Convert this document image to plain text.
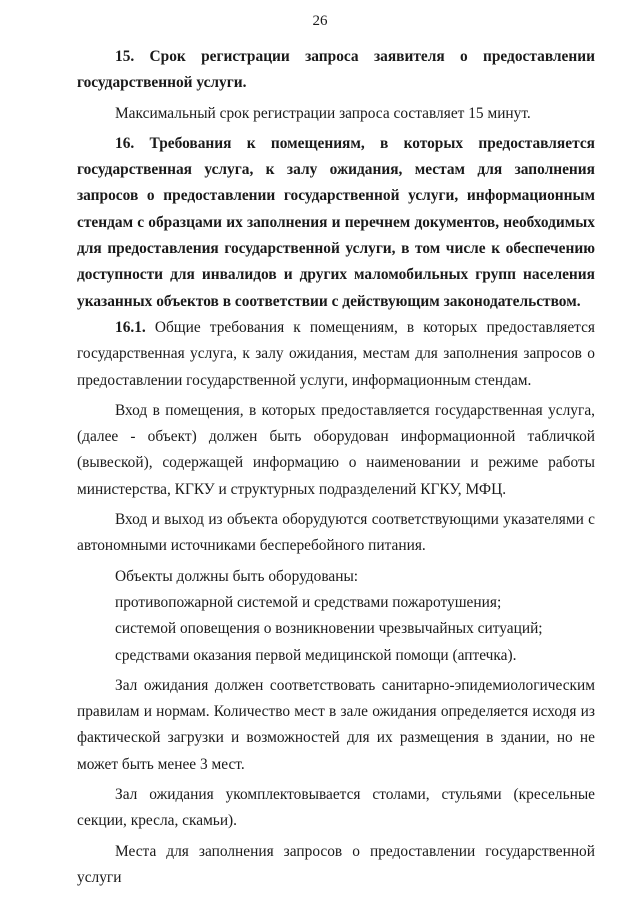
26

15. Срок регистрации запроса заявителя о предоставлении государственной услуги.

Максимальный срок регистрации запроса составляет 15 минут.

16. Требования к помещениям, в которых предоставляется государственная услуга, к залу ожидания, местам для заполнения запросов о предоставлении государственной услуги, информационным стендам с образцами их заполнения и перечнем документов, необходимых для предоставления государственной услуги, в том числе к обеспечению доступности для инвалидов и других маломобильных групп населения указанных объектов в соответствии с действующим законодательством.

16.1. Общие требования к помещениям, в которых предоставляется государственная услуга, к залу ожидания, местам для заполнения запросов о предоставлении государственной услуги, информационным стендам.

Вход в помещения, в которых предоставляется государственная услуга, (далее - объект) должен быть оборудован информационной табличкой (вывеской), содержащей информацию о наименовании и режиме работы министерства, КГКУ и структурных подразделений КГКУ, МФЦ.

Вход и выход из объекта оборудуются соответствующими указателями с автономными источниками бесперебойного питания.

Объекты должны быть оборудованы:

противопожарной системой и средствами пожаротушения;

системой оповещения о возникновении чрезвычайных ситуаций;

средствами оказания первой медицинской помощи (аптечка).

Зал ожидания должен соответствовать санитарно-эпидемиологическим правилам и нормам. Количество мест в зале ожидания определяется исходя из фактической загрузки и возможностей для их размещения в здании, но не может быть менее 3 мест.

Зал ожидания укомплектовывается столами, стульями (кресельные секции, кресла, скамьи).

Места для заполнения запросов о предоставлении государственной услуги
